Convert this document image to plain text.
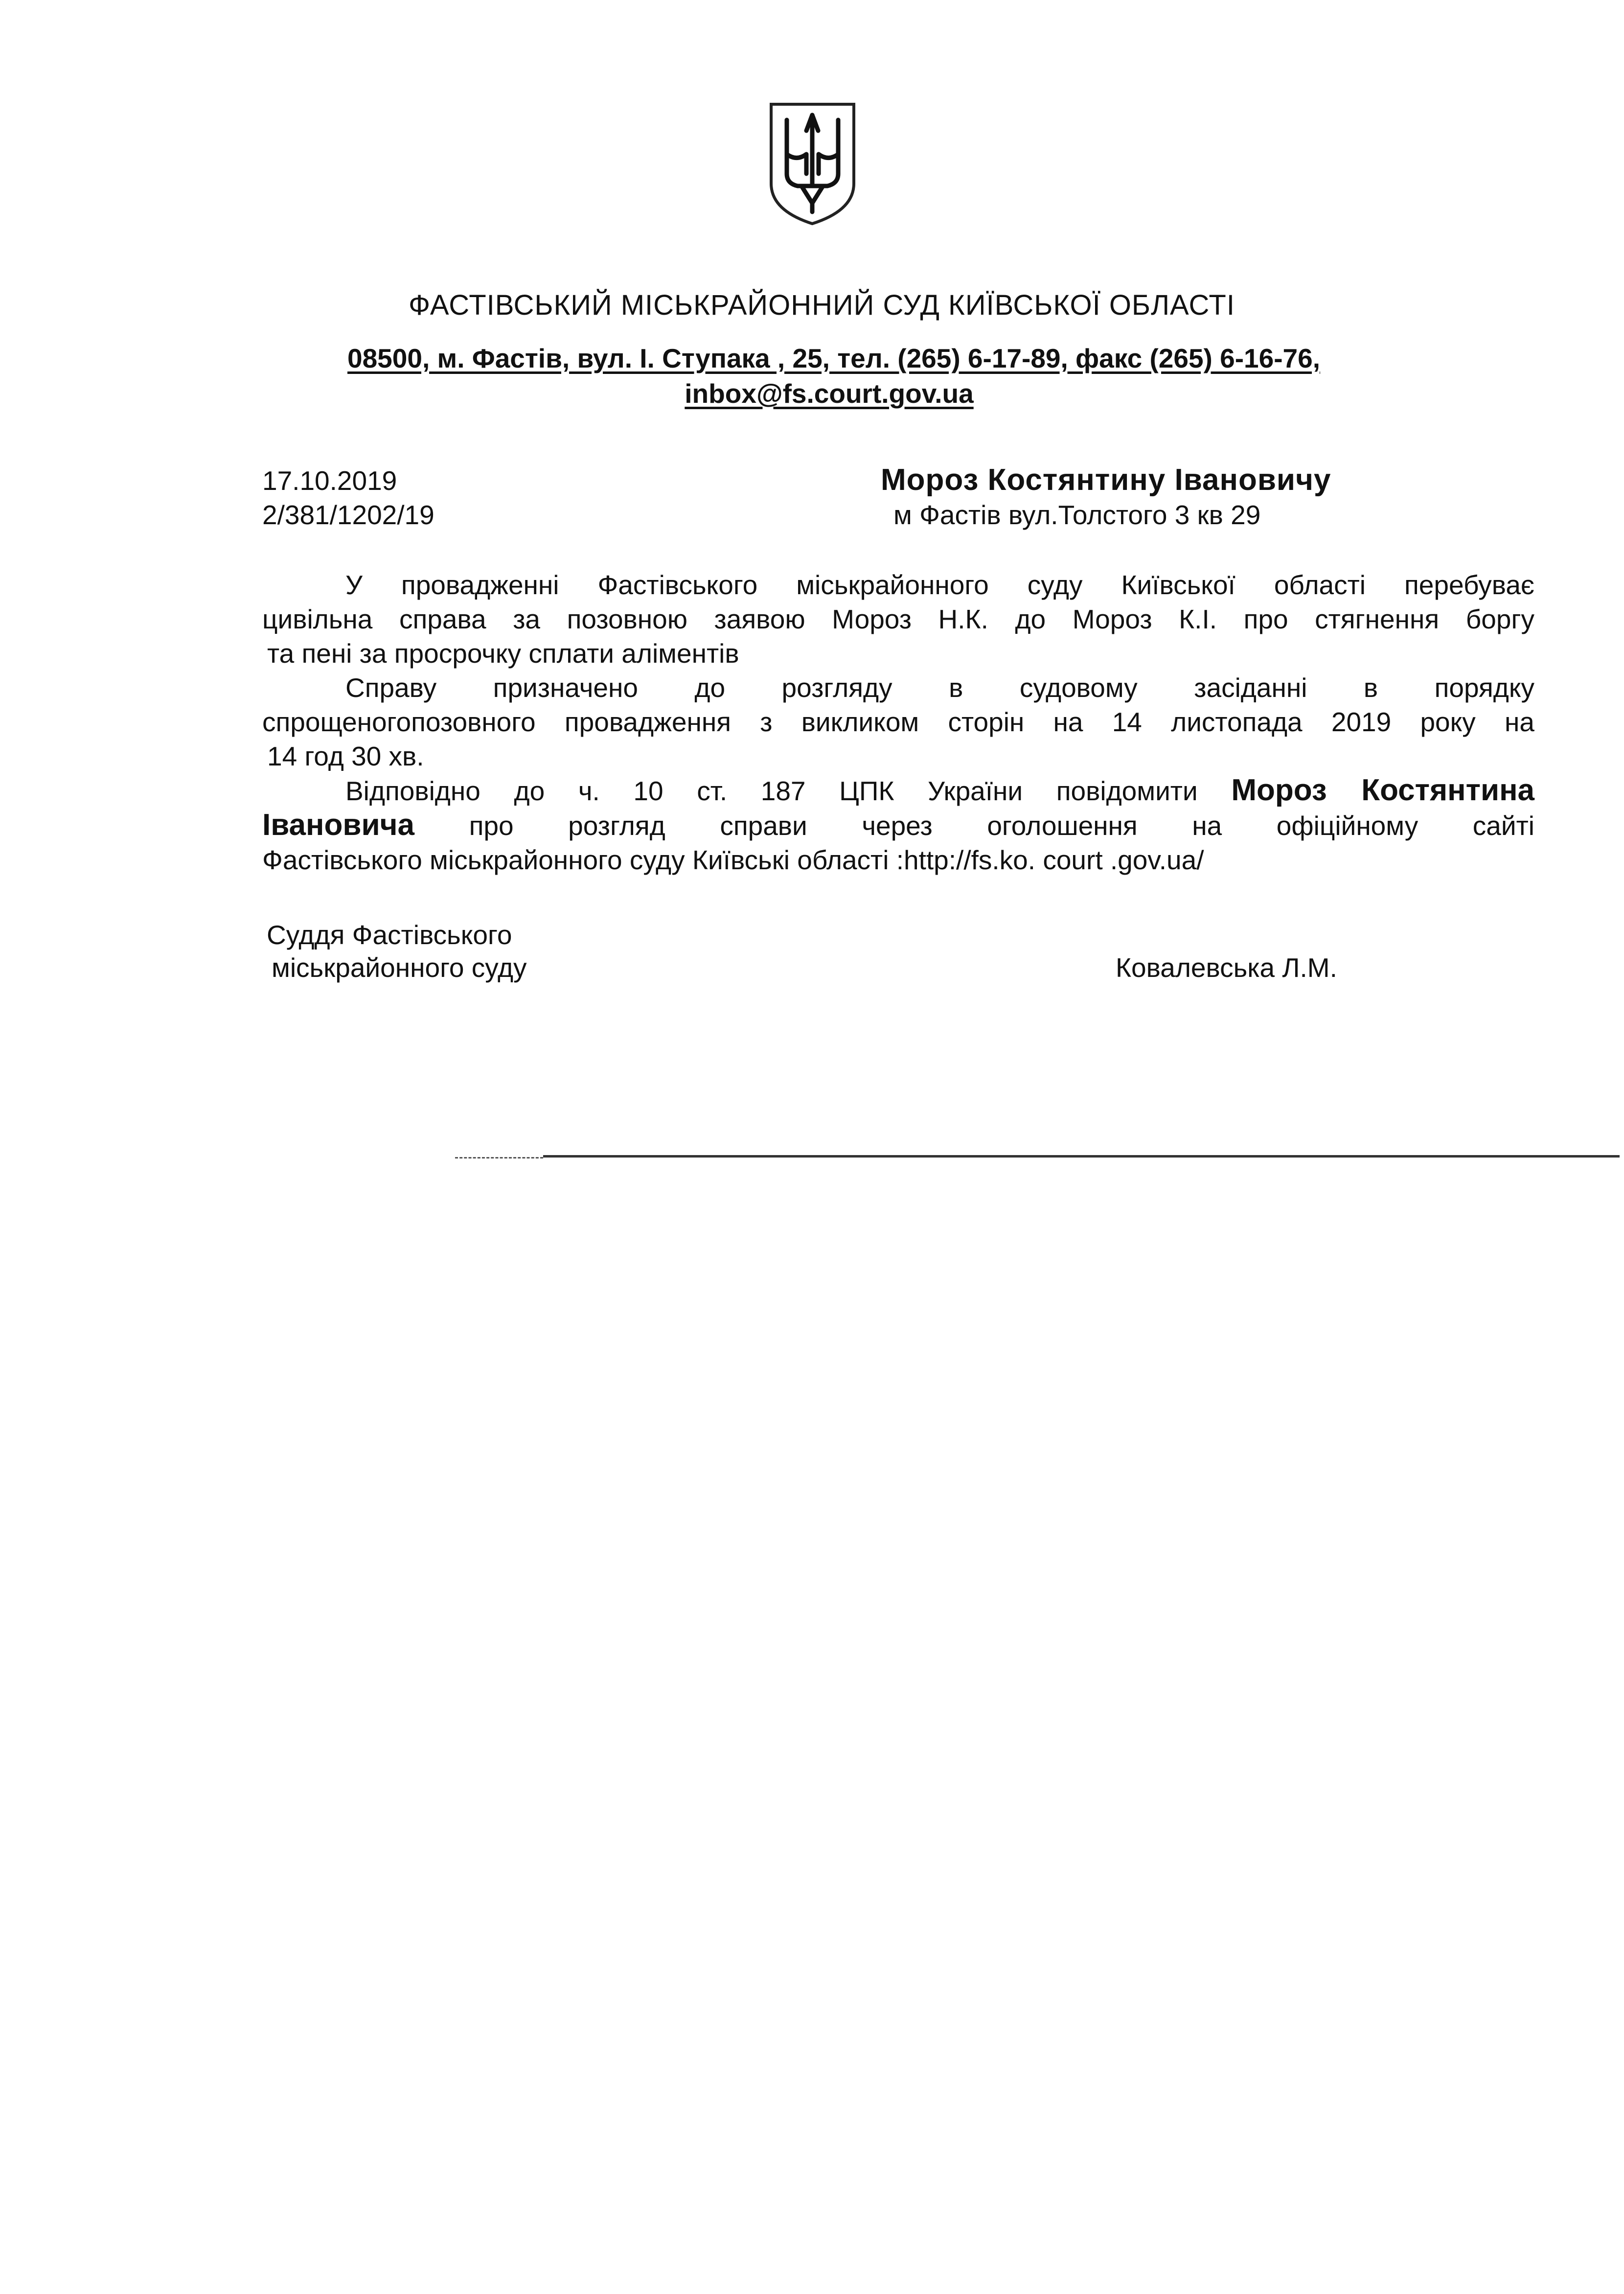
ФАСТІВСЬКИЙ МІСЬКРАЙОННИЙ СУД КИЇВСЬКОЇ ОБЛАСТІ
08500, м. Фастів, вул. І. Ступака , 25, тел. (265) 6-17-89, факс (265) 6-16-76,
inbox@fs.court.gov.ua
17.10.2019
2/381/1202/19
Мороз Костянтину Івановичу
м Фастів вул.Толстого 3 кв 29
У провадженні Фастівського міськрайонного суду Київської області перебуває
цивільна справа за позовною заявою Мороз Н.К. до Мороз К.І. про стягнення боргу
та пені за просрочку сплати аліментів
Справу призначено до розгляду в судовому засіданні в порядку
спрощеногопозовного провадження з викликом сторін на 14 листопада 2019 року на
14 год 30 хв.
Відповідно до ч. 10 ст. 187 ЦПК України повідомити Мороз Костянтина
Івановича про розгляд справи через оголошення на офіційному сайті
Фастівського міськрайонного суду Київські області :http://fs.ko. court .gov.ua/
Суддя Фастівського
міськрайонного суду	Ковалевська Л.М.
